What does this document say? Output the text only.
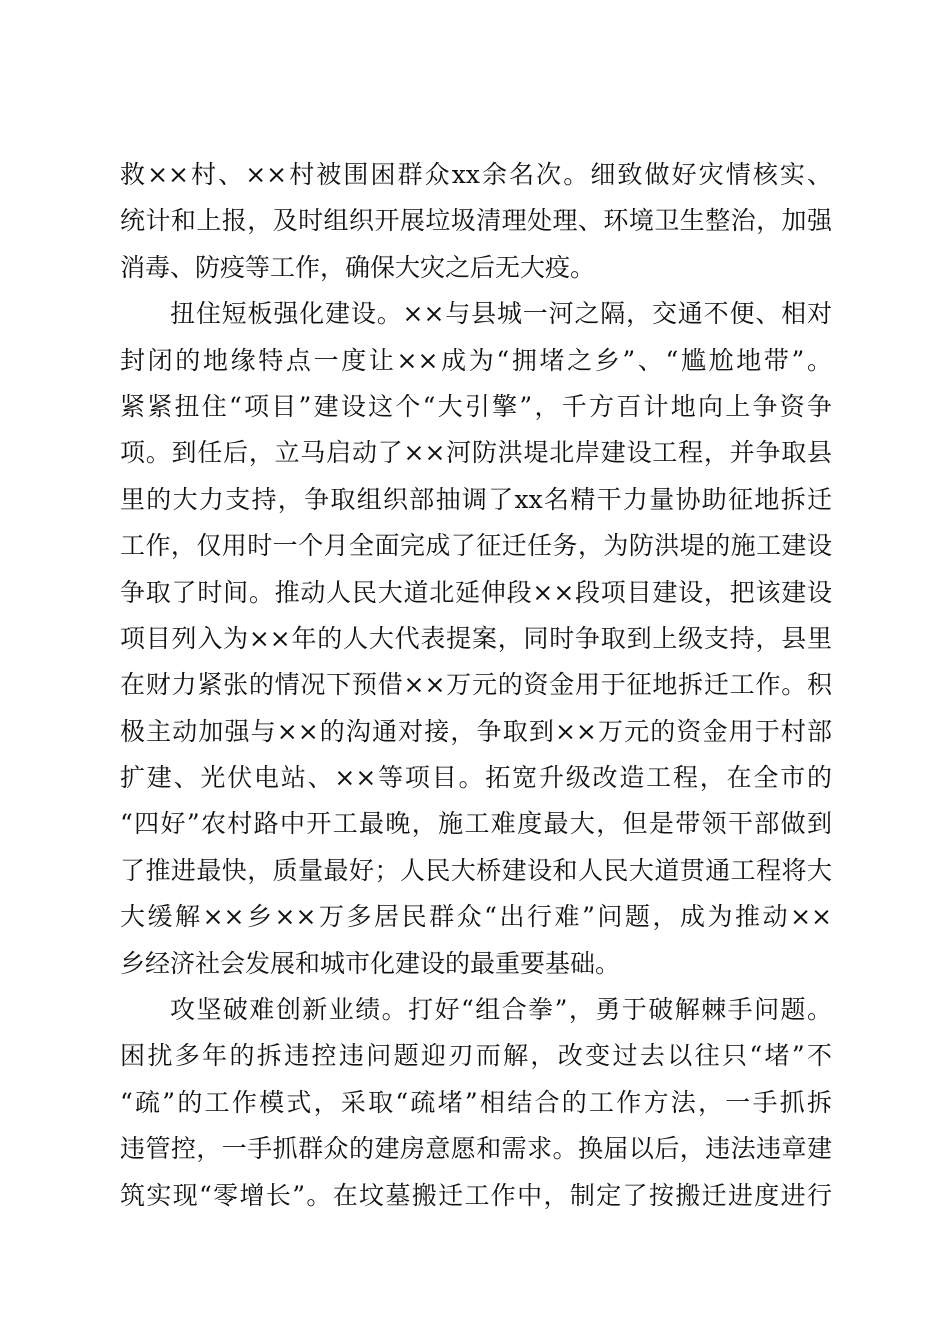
救××村、××村被围困群众xx余名次。细致做好灾情核实、
统计和上报，及时组织开展垃圾清理处理、环境卫生整治，加强
消毒、防疫等工作，确保大灾之后无大疫。
扭住短板强化建设。××与县城一河之隔，交通不便、相对
封闭的地缘特点一度让××成为“拥堵之乡”、“尴尬地带”。
紧紧扭住“项目”建设这个“大引擎”，千方百计地向上争资争
项。到任后，立马启动了××河防洪堤北岸建设工程，并争取县
里的大力支持，争取组织部抽调了xx名精干力量协助征地拆迁
工作，仅用时一个月全面完成了征迁任务，为防洪堤的施工建设
争取了时间。推动人民大道北延伸段××段项目建设，把该建设
项目列入为××年的人大代表提案，同时争取到上级支持，县里
在财力紧张的情况下预借××万元的资金用于征地拆迁工作。积
极主动加强与××的沟通对接，争取到××万元的资金用于村部
扩建、光伏电站、××等项目。拓宽升级改造工程，在全市的
“四好”农村路中开工最晚，施工难度最大，但是带领干部做到
了推进最快，质量最好；人民大桥建设和人民大道贯通工程将大
大缓解××乡××万多居民群众“出行难”问题，成为推动××
乡经济社会发展和城市化建设的最重要基础。
攻坚破难创新业绩。打好“组合拳”，勇于破解棘手问题。
困扰多年的拆违控违问题迎刃而解，改变过去以往只“堵”不
“疏”的工作模式，采取“疏堵”相结合的工作方法，一手抓拆
违管控，一手抓群众的建房意愿和需求。换届以后，违法违章建
筑实现“零增长”。在坟墓搬迁工作中，制定了按搬迁进度进行
